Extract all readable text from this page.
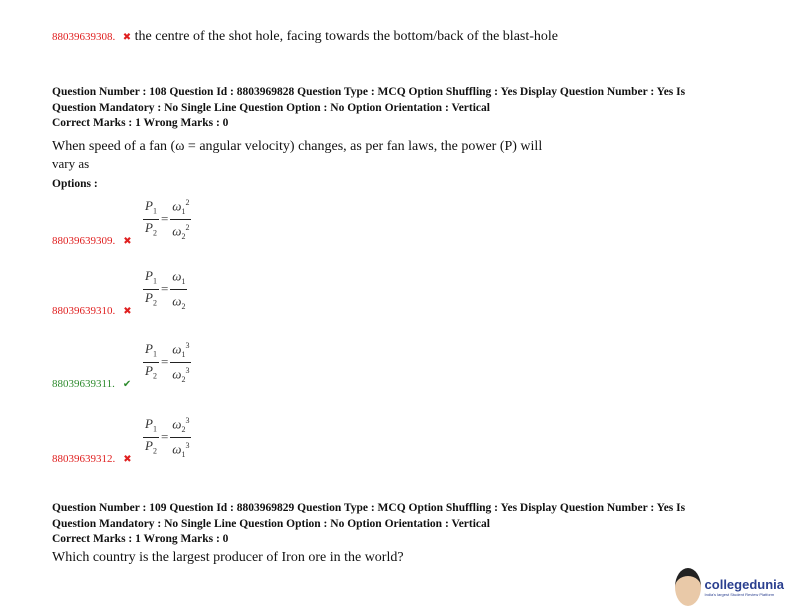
88039639308. ✖ the centre of the shot hole, facing towards the bottom/back of the blast-hole
Question Number : 108 Question Id : 8803969828 Question Type : MCQ Option Shuffling : Yes Display Question Number : Yes Is
Question Mandatory : No Single Line Question Option : No Option Orientation : Vertical
Correct Marks : 1 Wrong Marks : 0
When speed of a fan (ω = angular velocity) changes, as per fan laws, the power (P) will
vary as
Options :
$\frac{P_1}{P_2} = \frac{\omega_1^2}{\omega_2^2}$
88039639309. ✖
$\frac{P_1}{P_2} = \frac{\omega_1}{\omega_2}$
88039639310. ✖
$\frac{P_1}{P_2} = \frac{\omega_1^3}{\omega_2^3}$
88039639311. ✔
$\frac{P_1}{P_2} = \frac{\omega_2^3}{\omega_1^3}$
88039639312. ✖
Question Number : 109 Question Id : 8803969829 Question Type : MCQ Option Shuffling : Yes Display Question Number : Yes Is
Question Mandatory : No Single Line Question Option : No Option Orientation : Vertical
Correct Marks : 1 Wrong Marks : 0
Which country is the largest producer of Iron ore in the world?
collegedunia
India's largest Student Review Platform
